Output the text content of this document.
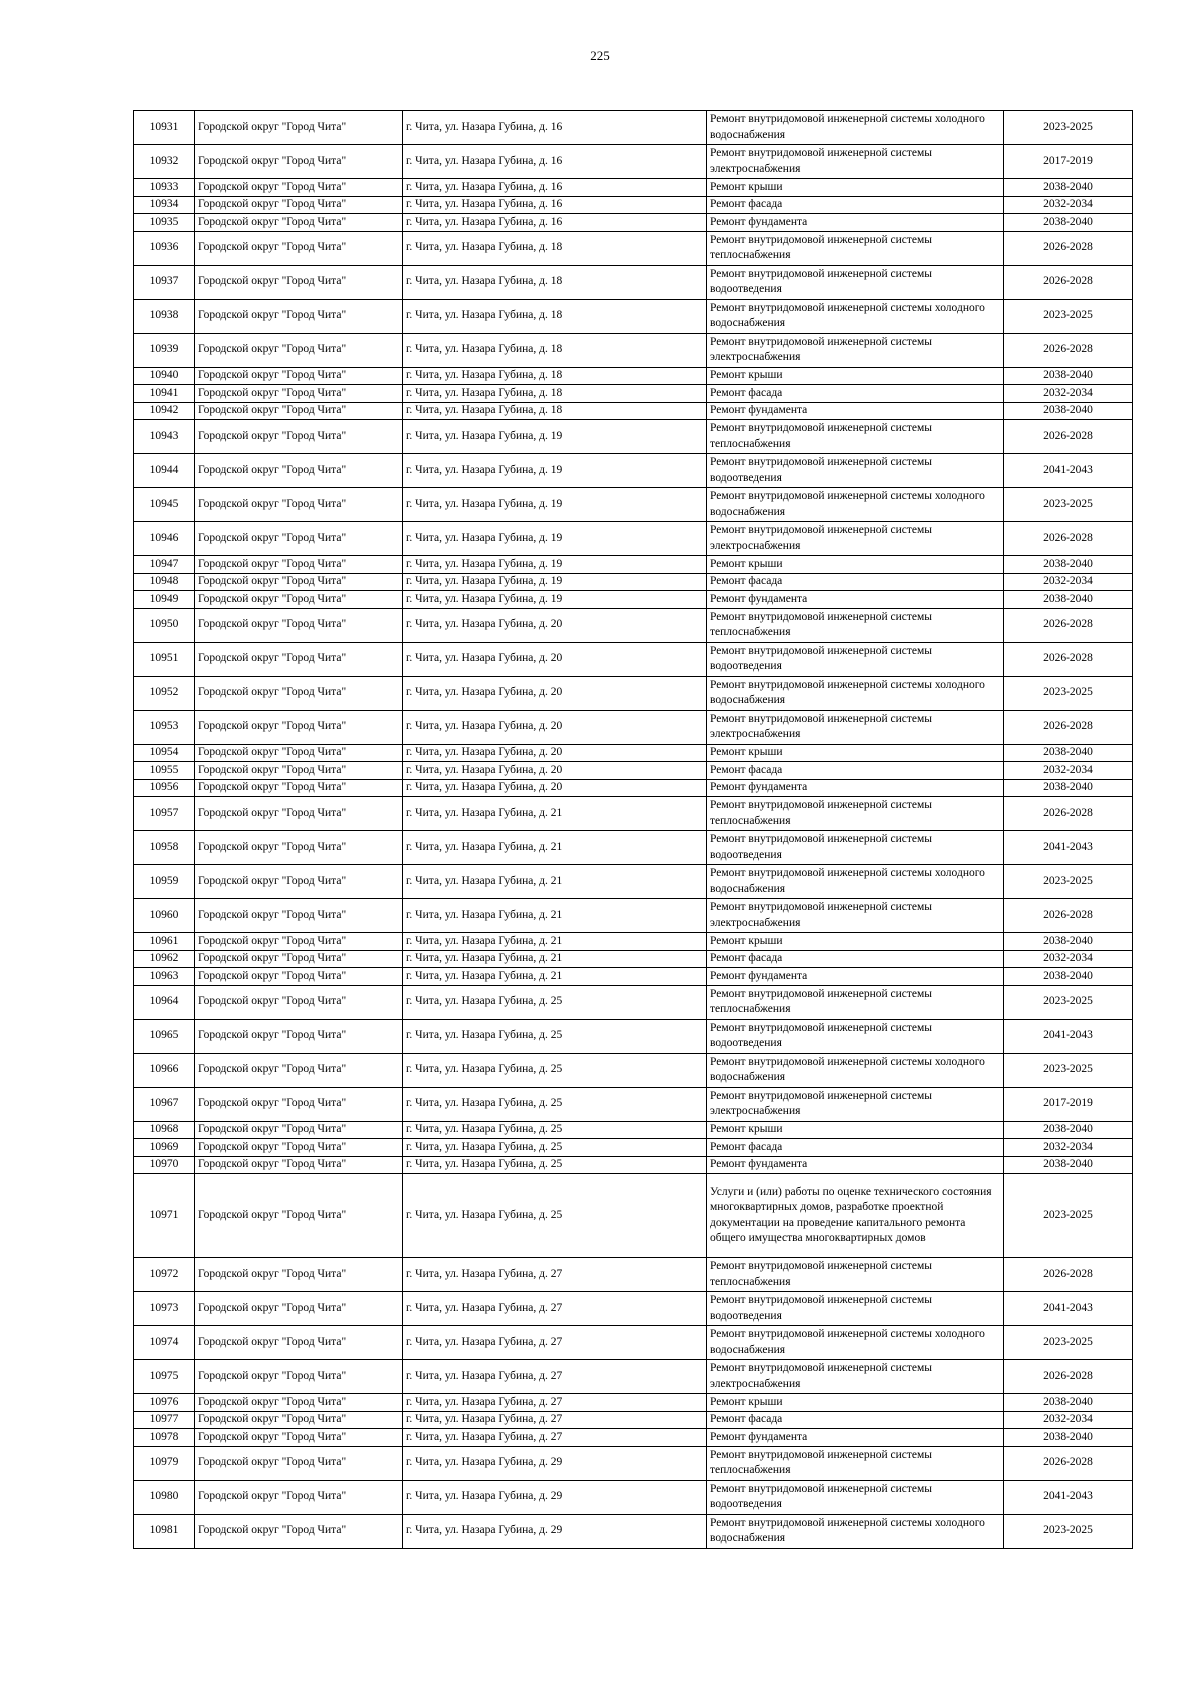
225
10931	Городской округ "Город Чита"	г. Чита, ул. Назара Губина, д. 16	Ремонт внутридомовой инженерной системы холодного водоснабжения	2023-2025
10932	Городской округ "Город Чита"	г. Чита, ул. Назара Губина, д. 16	Ремонт внутридомовой инженерной системы электроснабжения	2017-2019
10933	Городской округ "Город Чита"	г. Чита, ул. Назара Губина, д. 16	Ремонт крыши	2038-2040
10934	Городской округ "Город Чита"	г. Чита, ул. Назара Губина, д. 16	Ремонт фасада	2032-2034
10935	Городской округ "Город Чита"	г. Чита, ул. Назара Губина, д. 16	Ремонт фундамента	2038-2040
10936	Городской округ "Город Чита"	г. Чита, ул. Назара Губина, д. 18	Ремонт внутридомовой инженерной системы теплоснабжения	2026-2028
10937	Городской округ "Город Чита"	г. Чита, ул. Назара Губина, д. 18	Ремонт внутридомовой инженерной системы водоотведения	2026-2028
10938	Городской округ "Город Чита"	г. Чита, ул. Назара Губина, д. 18	Ремонт внутридомовой инженерной системы холодного водоснабжения	2023-2025
10939	Городской округ "Город Чита"	г. Чита, ул. Назара Губина, д. 18	Ремонт внутридомовой инженерной системы электроснабжения	2026-2028
10940	Городской округ "Город Чита"	г. Чита, ул. Назара Губина, д. 18	Ремонт крыши	2038-2040
10941	Городской округ "Город Чита"	г. Чита, ул. Назара Губина, д. 18	Ремонт фасада	2032-2034
10942	Городской округ "Город Чита"	г. Чита, ул. Назара Губина, д. 18	Ремонт фундамента	2038-2040
10943	Городской округ "Город Чита"	г. Чита, ул. Назара Губина, д. 19	Ремонт внутридомовой инженерной системы теплоснабжения	2026-2028
10944	Городской округ "Город Чита"	г. Чита, ул. Назара Губина, д. 19	Ремонт внутридомовой инженерной системы водоотведения	2041-2043
10945	Городской округ "Город Чита"	г. Чита, ул. Назара Губина, д. 19	Ремонт внутридомовой инженерной системы холодного водоснабжения	2023-2025
10946	Городской округ "Город Чита"	г. Чита, ул. Назара Губина, д. 19	Ремонт внутридомовой инженерной системы электроснабжения	2026-2028
10947	Городской округ "Город Чита"	г. Чита, ул. Назара Губина, д. 19	Ремонт крыши	2038-2040
10948	Городской округ "Город Чита"	г. Чита, ул. Назара Губина, д. 19	Ремонт фасада	2032-2034
10949	Городской округ "Город Чита"	г. Чита, ул. Назара Губина, д. 19	Ремонт фундамента	2038-2040
10950	Городской округ "Город Чита"	г. Чита, ул. Назара Губина, д. 20	Ремонт внутридомовой инженерной системы теплоснабжения	2026-2028
10951	Городской округ "Город Чита"	г. Чита, ул. Назара Губина, д. 20	Ремонт внутридомовой инженерной системы водоотведения	2026-2028
10952	Городской округ "Город Чита"	г. Чита, ул. Назара Губина, д. 20	Ремонт внутридомовой инженерной системы холодного водоснабжения	2023-2025
10953	Городской округ "Город Чита"	г. Чита, ул. Назара Губина, д. 20	Ремонт внутридомовой инженерной системы электроснабжения	2026-2028
10954	Городской округ "Город Чита"	г. Чита, ул. Назара Губина, д. 20	Ремонт крыши	2038-2040
10955	Городской округ "Город Чита"	г. Чита, ул. Назара Губина, д. 20	Ремонт фасада	2032-2034
10956	Городской округ "Город Чита"	г. Чита, ул. Назара Губина, д. 20	Ремонт фундамента	2038-2040
10957	Городской округ "Город Чита"	г. Чита, ул. Назара Губина, д. 21	Ремонт внутридомовой инженерной системы теплоснабжения	2026-2028
10958	Городской округ "Город Чита"	г. Чита, ул. Назара Губина, д. 21	Ремонт внутридомовой инженерной системы водоотведения	2041-2043
10959	Городской округ "Город Чита"	г. Чита, ул. Назара Губина, д. 21	Ремонт внутридомовой инженерной системы холодного водоснабжения	2023-2025
10960	Городской округ "Город Чита"	г. Чита, ул. Назара Губина, д. 21	Ремонт внутридомовой инженерной системы электроснабжения	2026-2028
10961	Городской округ "Город Чита"	г. Чита, ул. Назара Губина, д. 21	Ремонт крыши	2038-2040
10962	Городской округ "Город Чита"	г. Чита, ул. Назара Губина, д. 21	Ремонт фасада	2032-2034
10963	Городской округ "Город Чита"	г. Чита, ул. Назара Губина, д. 21	Ремонт фундамента	2038-2040
10964	Городской округ "Город Чита"	г. Чита, ул. Назара Губина, д. 25	Ремонт внутридомовой инженерной системы теплоснабжения	2023-2025
10965	Городской округ "Город Чита"	г. Чита, ул. Назара Губина, д. 25	Ремонт внутридомовой инженерной системы водоотведения	2041-2043
10966	Городской округ "Город Чита"	г. Чита, ул. Назара Губина, д. 25	Ремонт внутридомовой инженерной системы холодного водоснабжения	2023-2025
10967	Городской округ "Город Чита"	г. Чита, ул. Назара Губина, д. 25	Ремонт внутридомовой инженерной системы электроснабжения	2017-2019
10968	Городской округ "Город Чита"	г. Чита, ул. Назара Губина, д. 25	Ремонт крыши	2038-2040
10969	Городской округ "Город Чита"	г. Чита, ул. Назара Губина, д. 25	Ремонт фасада	2032-2034
10970	Городской округ "Город Чита"	г. Чита, ул. Назара Губина, д. 25	Ремонт фундамента	2038-2040
10971	Городской округ "Город Чита"	г. Чита, ул. Назара Губина, д. 25	Услуги и (или) работы по оценке технического состояния многоквартирных домов, разработке проектной документации на проведение капитального ремонта общего имущества многоквартирных домов	2023-2025
10972	Городской округ "Город Чита"	г. Чита, ул. Назара Губина, д. 27	Ремонт внутридомовой инженерной системы теплоснабжения	2026-2028
10973	Городской округ "Город Чита"	г. Чита, ул. Назара Губина, д. 27	Ремонт внутридомовой инженерной системы водоотведения	2041-2043
10974	Городской округ "Город Чита"	г. Чита, ул. Назара Губина, д. 27	Ремонт внутридомовой инженерной системы холодного водоснабжения	2023-2025
10975	Городской округ "Город Чита"	г. Чита, ул. Назара Губина, д. 27	Ремонт внутридомовой инженерной системы электроснабжения	2026-2028
10976	Городской округ "Город Чита"	г. Чита, ул. Назара Губина, д. 27	Ремонт крыши	2038-2040
10977	Городской округ "Город Чита"	г. Чита, ул. Назара Губина, д. 27	Ремонт фасада	2032-2034
10978	Городской округ "Город Чита"	г. Чита, ул. Назара Губина, д. 27	Ремонт фундамента	2038-2040
10979	Городской округ "Город Чита"	г. Чита, ул. Назара Губина, д. 29	Ремонт внутридомовой инженерной системы теплоснабжения	2026-2028
10980	Городской округ "Город Чита"	г. Чита, ул. Назара Губина, д. 29	Ремонт внутридомовой инженерной системы водоотведения	2041-2043
10981	Городской округ "Город Чита"	г. Чита, ул. Назара Губина, д. 29	Ремонт внутридомовой инженерной системы холодного водоснабжения	2023-2025
